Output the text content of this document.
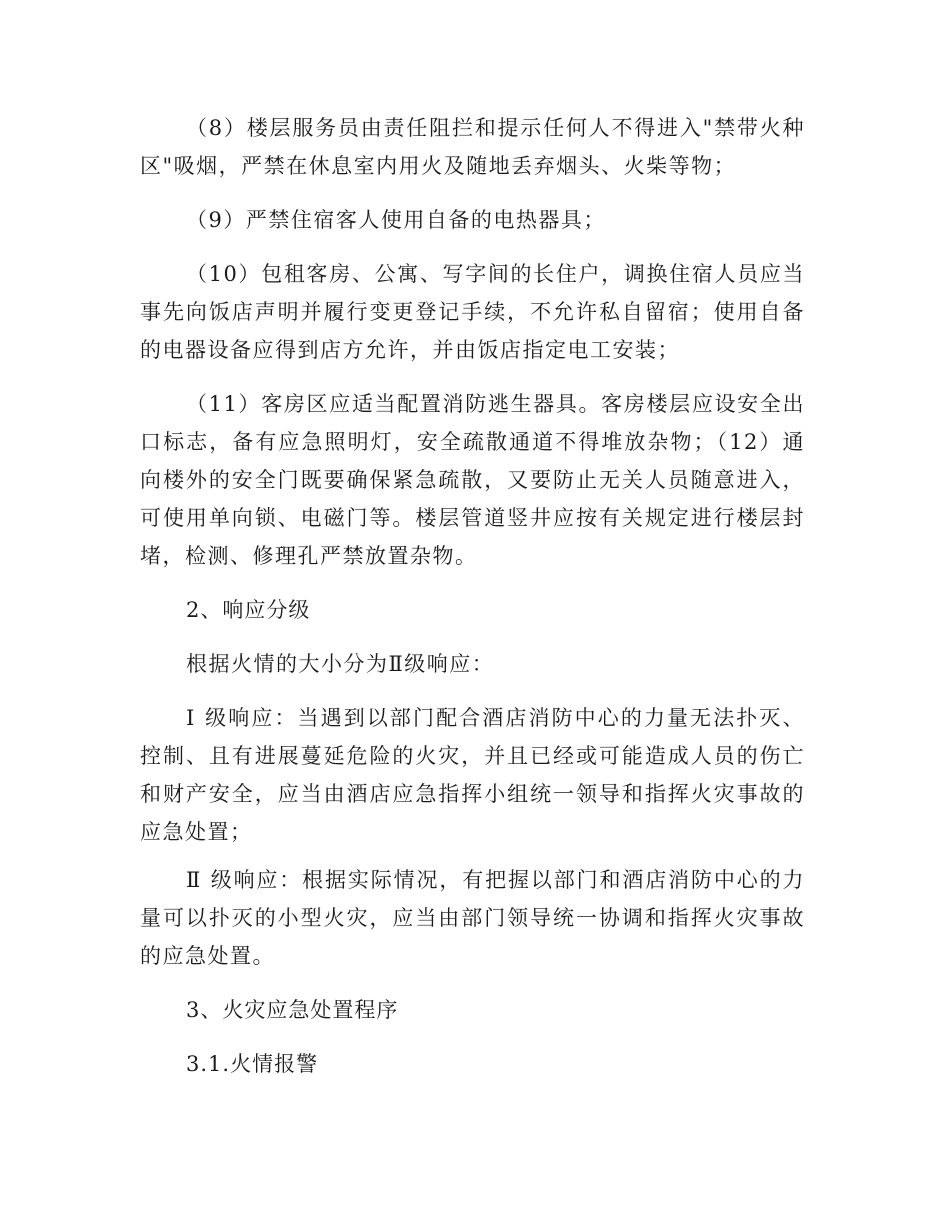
（8）楼层服务员由责任阻拦和提示任何人不得进入"禁带火种区"吸烟，严禁在休息室内用火及随地丢弃烟头、火柴等物；

（9）严禁住宿客人使用自备的电热器具；

（10）包租客房、公寓、写字间的长住户，调换住宿人员应当事先向饭店声明并履行变更登记手续，不允许私自留宿；使用自备的电器设备应得到店方允许，并由饭店指定电工安装；

（11）客房区应适当配置消防逃生器具。客房楼层应设安全出口标志，备有应急照明灯，安全疏散通道不得堆放杂物；（12）通向楼外的安全门既要确保紧急疏散，又要防止无关人员随意进入，可使用单向锁、电磁门等。楼层管道竖井应按有关规定进行楼层封堵，检测、修理孔严禁放置杂物。

2、响应分级

根据火情的大小分为Ⅱ级响应：

Ⅰ 级响应：当遇到以部门配合酒店消防中心的力量无法扑灭、控制、且有进展蔓延危险的火灾，并且已经或可能造成人员的伤亡和财产安全，应当由酒店应急指挥小组统一领导和指挥火灾事故的应急处置；

Ⅱ 级响应：根据实际情况，有把握以部门和酒店消防中心的力量可以扑灭的小型火灾，应当由部门领导统一协调和指挥火灾事故的应急处置。

3、火灾应急处置程序

3.1.火情报警
